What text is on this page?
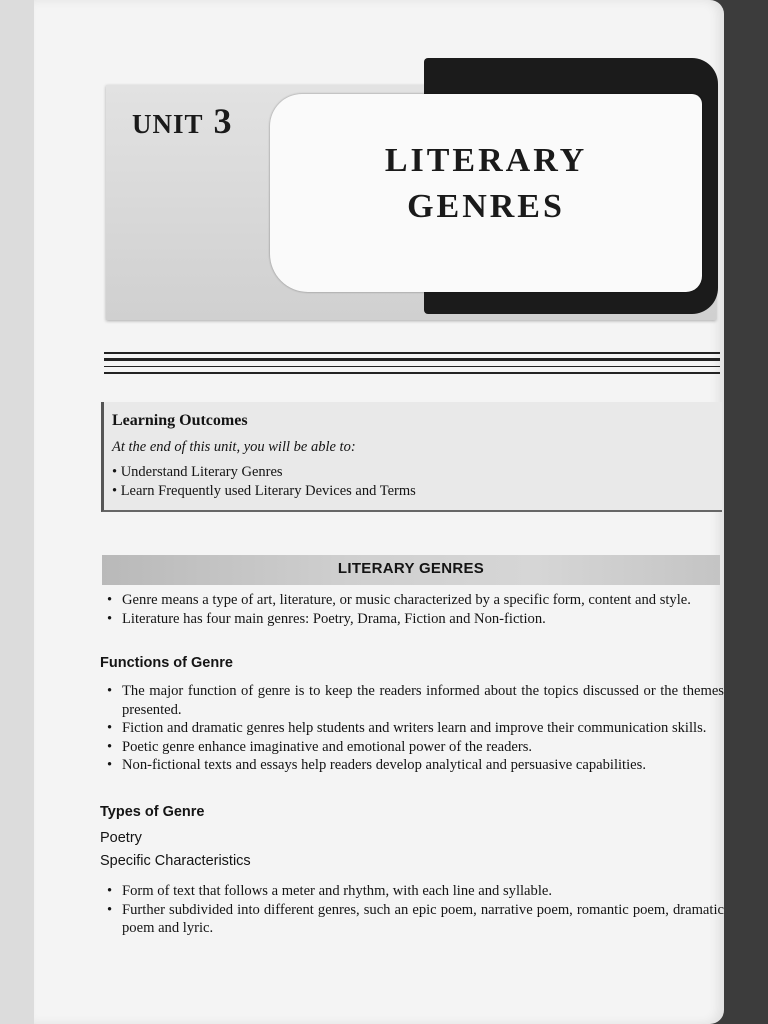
UNIT 3
LITERARY
GENRES
Learning Outcomes
At the end of this unit, you will be able to:
• Understand Literary Genres
• Learn Frequently used Literary Devices and Terms
LITERARY GENRES
• Genre means a type of art, literature, or music characterized by a specific form, content and style.
• Literature has four main genres: Poetry, Drama, Fiction and Non-fiction.
Functions of Genre
• The major function of genre is to keep the readers informed about the topics discussed or the themes presented.
• Fiction and dramatic genres help students and writers learn and improve their communication skills.
• Poetic genre enhance imaginative and emotional power of the readers.
• Non-fictional texts and essays help readers develop analytical and persuasive capabilities.
Types of Genre
Poetry
Specific Characteristics
• Form of text that follows a meter and rhythm, with each line and syllable.
• Further subdivided into different genres, such an epic poem, narrative poem, romantic poem, dramatic poem and lyric.
